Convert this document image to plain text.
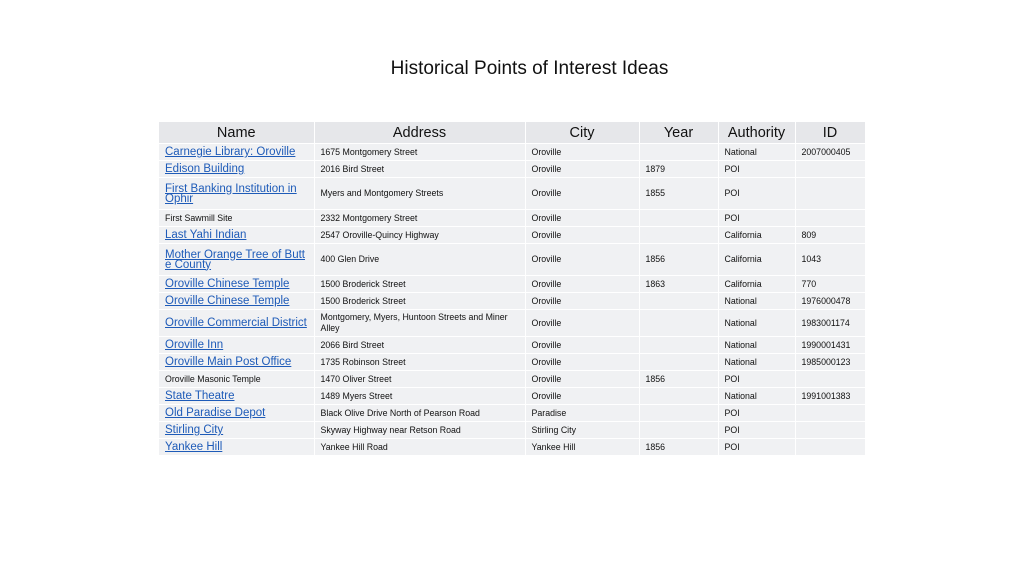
Historical Points of Interest Ideas
Name	Address	City	Year	Authority	ID
Carnegie Library: Oroville	1675 Montgomery Street	Oroville		National	2007000405
Edison Building	2016 Bird Street	Oroville	1879	POI	
First Banking Institution in Ophir	Myers and Montgomery Streets	Oroville	1855	POI	
First Sawmill Site	2332 Montgomery Street	Oroville		POI	
Last Yahi Indian	2547 Oroville-Quincy Highway	Oroville		California	809
Mother Orange Tree of Butte County	400 Glen Drive	Oroville	1856	California	1043
Oroville Chinese Temple	1500 Broderick Street	Oroville	1863	California	770
Oroville Chinese Temple	1500 Broderick Street	Oroville		National	1976000478
Oroville Commercial District	Montgomery, Myers, Huntoon Streets and Miner Alley	Oroville		National	1983001174
Oroville Inn	2066 Bird Street	Oroville		National	1990001431
Oroville Main Post Office	1735 Robinson Street	Oroville		National	1985000123
Oroville Masonic Temple	1470 Oliver Street	Oroville	1856	POI	
State Theatre	1489 Myers Street	Oroville		National	1991001383
Old Paradise Depot	Black Olive Drive North of Pearson Road	Paradise		POI	
Stirling City	Skyway Highway near Retson Road	Stirling City		POI	
Yankee Hill	Yankee Hill Road	Yankee Hill	1856	POI	
